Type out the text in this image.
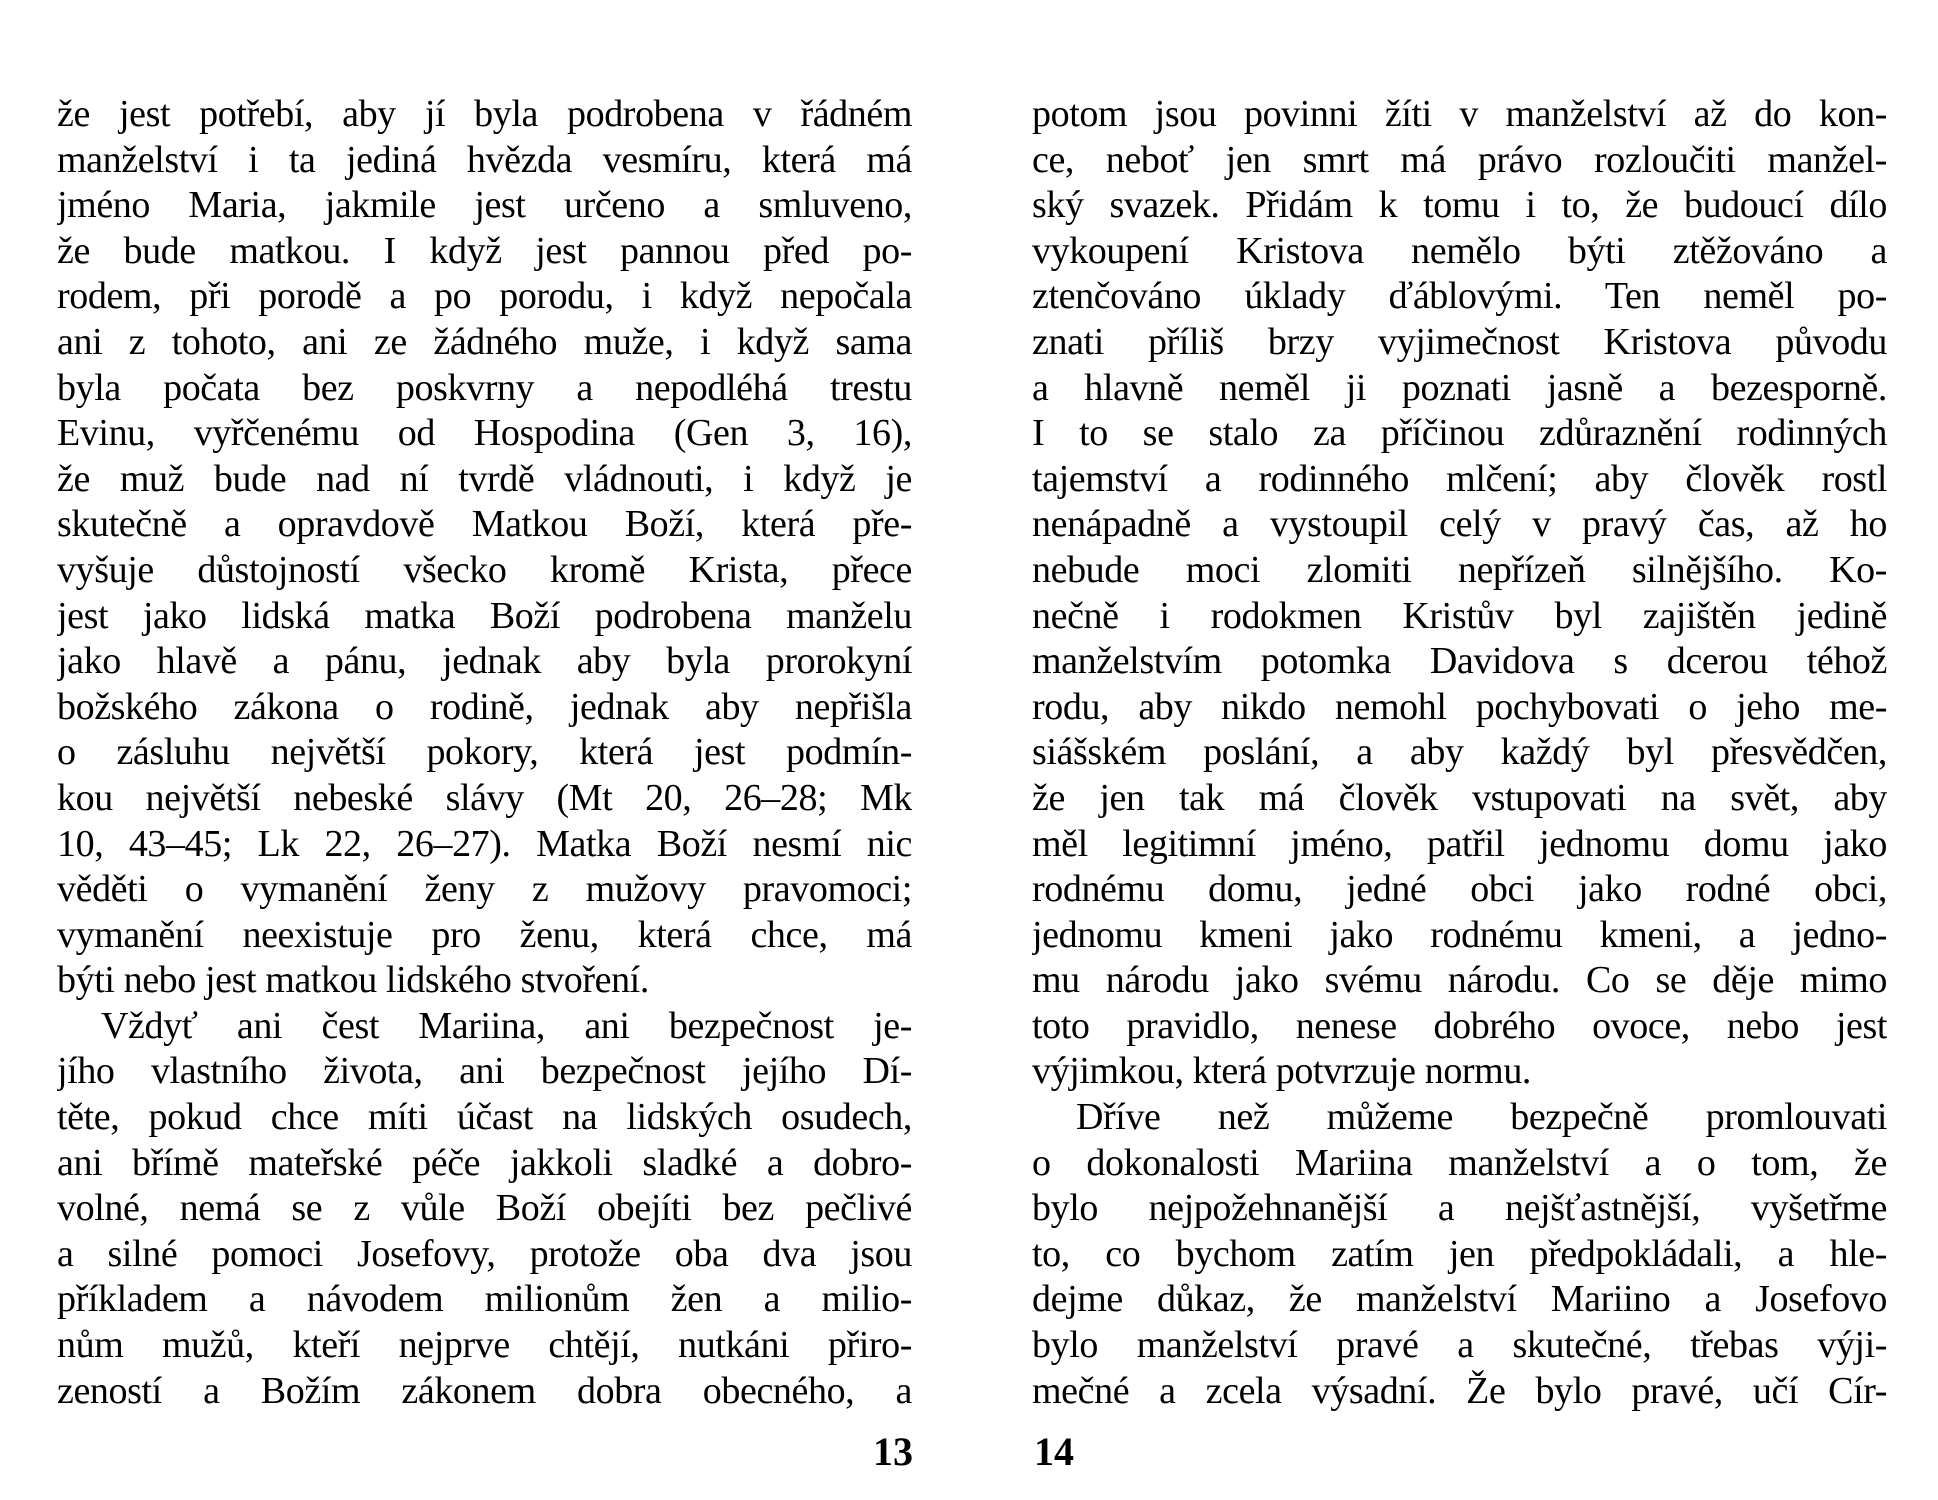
že jest potřebí, aby jí byla podrobena v řádném
manželství i ta jediná hvězda vesmíru, která má
jméno Maria, jakmile jest určeno a smluveno,
že bude matkou. I když jest pannou před po-
rodem, při porodě a po porodu, i když nepočala
ani z tohoto, ani ze žádného muže, i když sama
byla počata bez poskvrny a nepodléhá trestu
Evinu, vyřčenému od Hospodina (Gen 3, 16),
že muž bude nad ní tvrdě vládnouti, i když je
skutečně a opravdově Matkou Boží, která pře-
vyšuje důstojností všecko kromě Krista, přece
jest jako lidská matka Boží podrobena manželu
jako hlavě a pánu, jednak aby byla prorokyní
božského zákona o rodině, jednak aby nepřišla
o zásluhu největší pokory, která jest podmín-
kou největší nebeské slávy (Mt 20, 26–28; Mk
10, 43–45; Lk 22, 26–27). Matka Boží nesmí nic
věděti o vymanění ženy z mužovy pravomoci;
vymanění neexistuje pro ženu, která chce, má
býti nebo jest matkou lidského stvoření.
Vždyť ani čest Mariina, ani bezpečnost je-
jího vlastního života, ani bezpečnost jejího Dí-
těte, pokud chce míti účast na lidských osudech,
ani břímě mateřské péče jakkoli sladké a dobro-
volné, nemá se z vůle Boží obejíti bez pečlivé
a silné pomoci Josefovy, protože oba dva jsou
příkladem a návodem milionům žen a milio-
nům mužů, kteří nejprve chtějí, nutkáni přiro-
zeností a Božím zákonem dobra obecného, a
potom jsou povinni žíti v manželství až do kon-
ce, neboť jen smrt má právo rozloučiti manžel-
ský svazek. Přidám k tomu i to, že budoucí dílo
vykoupení Kristova nemělo býti ztěžováno a
ztenčováno úklady ďáblovými. Ten neměl po-
znati příliš brzy vyjimečnost Kristova původu
a hlavně neměl ji poznati jasně a bezesporně.
I to se stalo za příčinou zdůraznění rodinných
tajemství a rodinného mlčení; aby člověk rostl
nenápadně a vystoupil celý v pravý čas, až ho
nebude moci zlomiti nepřízeň silnějšího. Ko-
nečně i rodokmen Kristův byl zajištěn jedině
manželstvím potomka Davidova s dcerou téhož
rodu, aby nikdo nemohl pochybovati o jeho me-
siášském poslání, a aby každý byl přesvědčen,
že jen tak má člověk vstupovati na svět, aby
měl legitimní jméno, patřil jednomu domu jako
rodnému domu, jedné obci jako rodné obci,
jednomu kmeni jako rodnému kmeni, a jedno-
mu národu jako svému národu. Co se děje mimo
toto pravidlo, nenese dobrého ovoce, nebo jest
výjimkou, která potvrzuje normu.
Dříve než můžeme bezpečně promlouvati
o dokonalosti Mariina manželství a o tom, že
bylo nejpožehnanější a nejšťastnější, vyšetřme
to, co bychom zatím jen předpokládali, a hle-
dejme důkaz, že manželství Mariino a Josefovo
bylo manželství pravé a skutečné, třebas výji-
mečné a zcela výsadní. Že bylo pravé, učí Cír-
13	14
